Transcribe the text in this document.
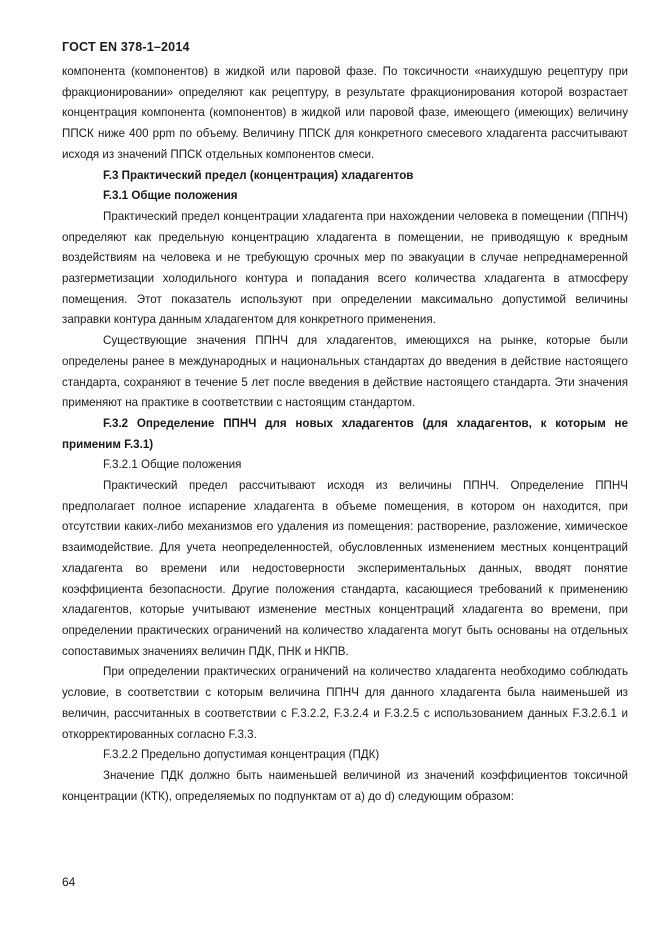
ГОСТ EN 378-1–2014

компонента (компонентов) в жидкой или паровой фазе. По токсичности «наихудшую рецептуру при фракционировании» определяют как рецептуру, в результате фракционирования которой возрастает концентрация компонента (компонентов) в жидкой или паровой фазе, имеющего (имеющих) величину ППСК ниже 400 ppm по объему. Величину ППСК для конкретного смесевого хладагента рассчитывают исходя из значений ППСК отдельных компонентов смеси.

F.3 Практический предел (концентрация) хладагентов

F.3.1 Общие положения

Практический предел концентрации хладагента при нахождении человека в помещении (ППНЧ) определяют как предельную концентрацию хладагента в помещении, не приводящую к вредным воздействиям на человека и не требующую срочных мер по эвакуации в случае непреднамеренной разгерметизации холодильного контура и попадания всего количества хладагента в атмосферу помещения. Этот показатель используют при определении максимально допустимой величины заправки контура данным хладагентом для конкретного применения.

Существующие значения ППНЧ для хладагентов, имеющихся на рынке, которые были определены ранее в международных и национальных стандартах до введения в действие настоящего стандарта, сохраняют в течение 5 лет после введения в действие настоящего стандарта. Эти значения применяют на практике в соответствии с настоящим стандартом.

F.3.2 Определение ППНЧ для новых хладагентов (для хладагентов, к которым не применим F.3.1)

F.3.2.1 Общие положения

Практический предел рассчитывают исходя из величины ППНЧ. Определение ППНЧ предполагает полное испарение хладагента в объеме помещения, в котором он находится, при отсутствии каких-либо механизмов его удаления из помещения: растворение, разложение, химическое взаимодействие. Для учета неопределенностей, обусловленных изменением местных концентраций хладагента во времени или недостоверности экспериментальных данных, вводят понятие коэффициента безопасности. Другие положения стандарта, касающиеся требований к применению хладагентов, которые учитывают изменение местных концентраций хладагента во времени, при определении практических ограничений на количество хладагента могут быть основаны на отдельных сопоставимых значениях величин ПДК, ПНК и НКПВ.

При определении практических ограничений на количество хладагента необходимо соблюдать условие, в соответствии с которым величина ППНЧ для данного хладагента была наименьшей из величин, рассчитанных в соответствии с F.3.2.2, F.3.2.4 и F.3.2.5 с использованием данных F.3.2.6.1 и откорректированных согласно F.3.3.

F.3.2.2 Предельно допустимая концентрация (ПДК)

Значение ПДК должно быть наименьшей величиной из значений коэффициентов токсичной концентрации (КТК), определяемых по подпунктам от а) до d) следующим образом:

64
